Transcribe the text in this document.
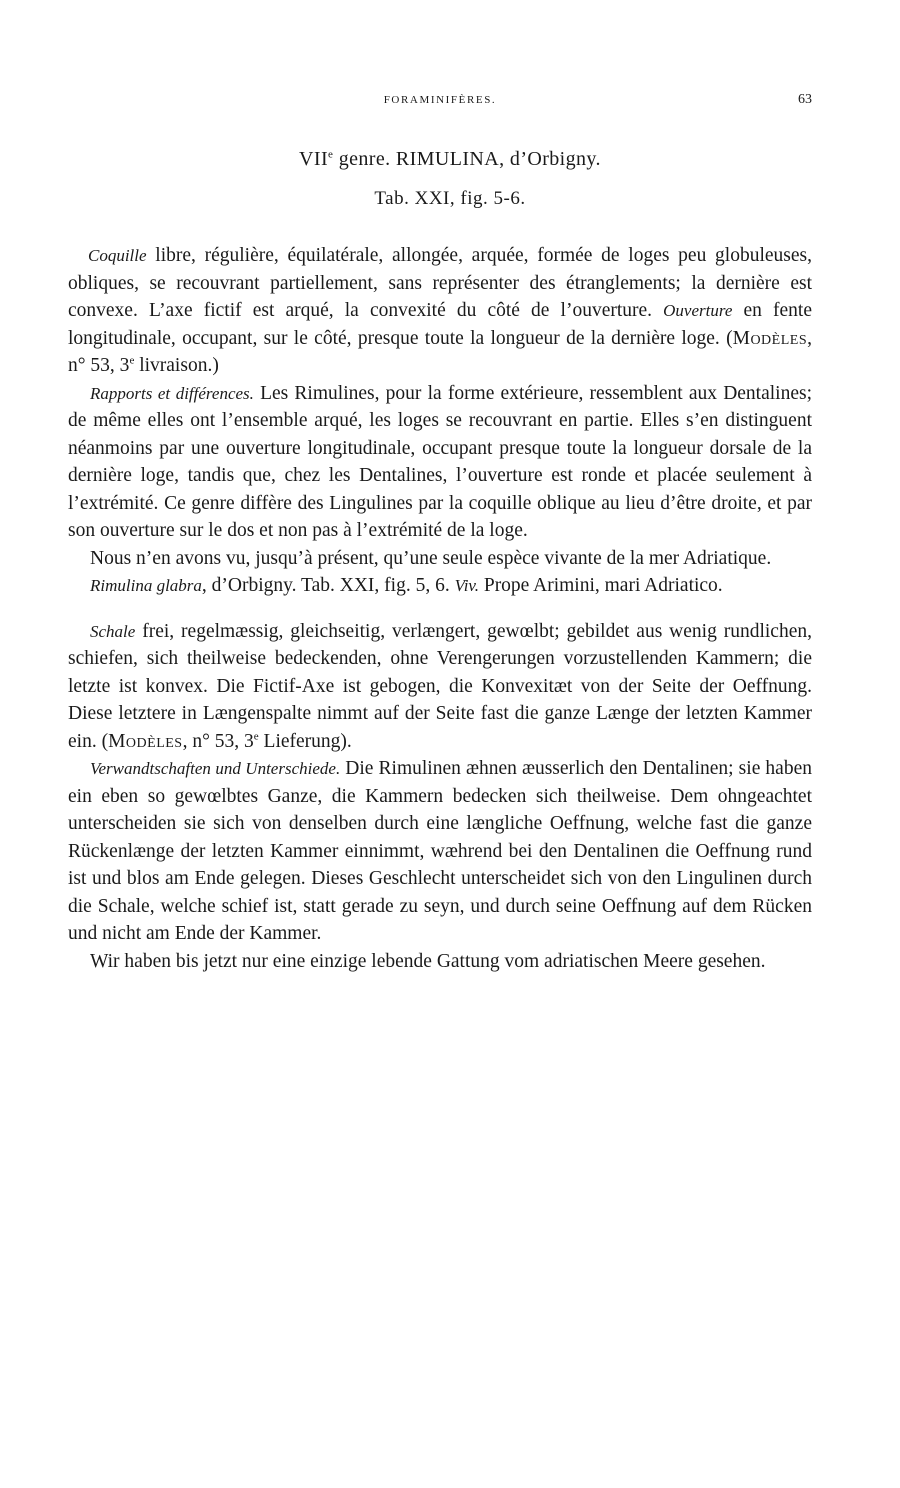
FORAMINIFÈRES.	63
VIIe genre. RIMULINA, d’Orbigny.
Tab. XXI, fig. 5-6.

Coquille libre, régulière, équilatérale, allongée, arquée, formée de loges peu globuleuses, obliques, se recouvrant partiellement, sans représenter des étranglements; la dernière est convexe. L’axe fictif est arqué, la convexité du côté de l’ouverture. Ouverture en fente longitudinale, occupant, sur le côté, presque toute la longueur de la dernière loge. (Modèles, n° 53, 3e livraison.)

Rapports et différences. Les Rimulines, pour la forme extérieure, ressemblent aux Dentalines; de même elles ont l’ensemble arqué, les loges se recouvrant en partie. Elles s’en distinguent néanmoins par une ouverture longitudinale, occupant presque toute la longueur dorsale de la dernière loge, tandis que, chez les Dentalines, l’ouverture est ronde et placée seulement à l’extrémité. Ce genre diffère des Lingulines par la coquille oblique au lieu d’être droite, et par son ouverture sur le dos et non pas à l’extrémité de la loge.

Nous n’en avons vu, jusqu’à présent, qu’une seule espèce vivante de la mer Adriatique.

Rimulina glabra, d’Orbigny. Tab. XXI, fig. 5, 6. Viv. Prope Arimini, mari Adriatico.

Schale frei, regelmæssig, gleichseitig, verlængert, gewœlbt; gebildet aus wenig rundlichen, schiefen, sich theilweise bedeckenden, ohne Verengerungen vorzustellenden Kammern; die letzte ist konvex. Die Fictif-Axe ist gebogen, die Konvexitæt von der Seite der Oeffnung. Diese letztere in Længenspalte nimmt auf der Seite fast die ganze Længe der letzten Kammer ein. (Modèles, n° 53, 3e Lieferung).

Verwandtschaften und Unterschiede. Die Rimulinen æhnen æusserlich den Dentalinen; sie haben ein eben so gewœlbtes Ganze, die Kammern bedecken sich theilweise. Dem ohngeachtet unterscheiden sie sich von denselben durch eine længliche Oeffnung, welche fast die ganze Rückenlænge der letzten Kammer einnimmt, wæhrend bei den Dentalinen die Oeffnung rund ist und blos am Ende gelegen. Dieses Geschlecht unterscheidet sich von den Lingulinen durch die Schale, welche schief ist, statt gerade zu seyn, und durch seine Oeffnung auf dem Rücken und nicht am Ende der Kammer.

Wir haben bis jetzt nur eine einzige lebende Gattung vom adriatischen Meere gesehen.
